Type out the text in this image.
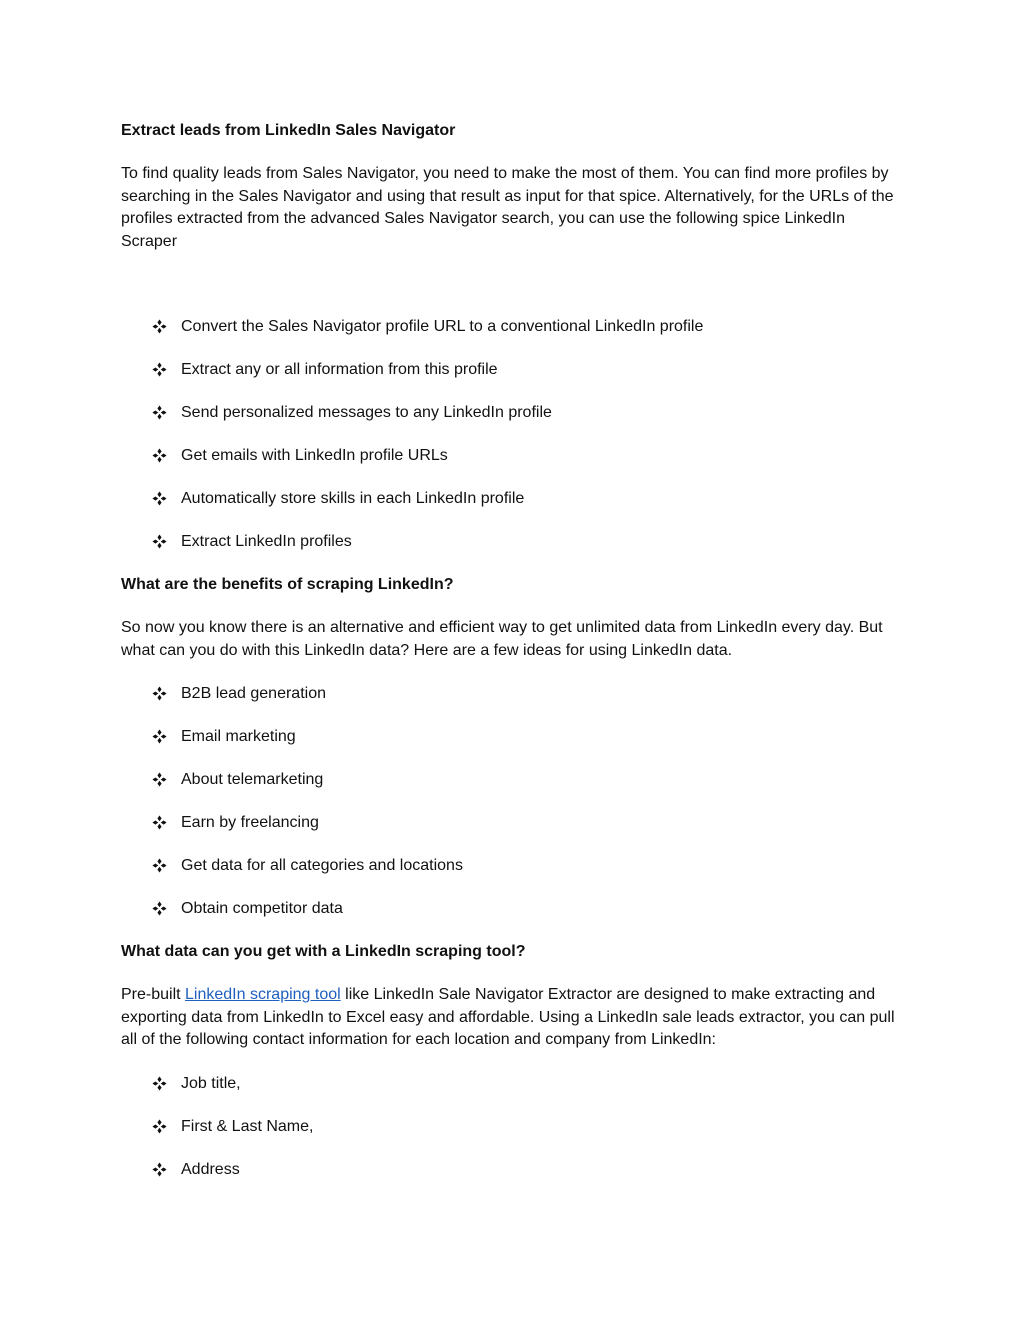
Extract leads from LinkedIn Sales Navigator

To find quality leads from Sales Navigator, you need to make the most of them. You can find more profiles by searching in the Sales Navigator and using that result as input for that spice. Alternatively, for the URLs of the profiles extracted from the advanced Sales Navigator search, you can use the following spice LinkedIn Scraper

Convert the Sales Navigator profile URL to a conventional LinkedIn profile
Extract any or all information from this profile
Send personalized messages to any LinkedIn profile
Get emails with LinkedIn profile URLs
Automatically store skills in each LinkedIn profile
Extract LinkedIn profiles

What are the benefits of scraping LinkedIn?

So now you know there is an alternative and efficient way to get unlimited data from LinkedIn every day. But what can you do with this LinkedIn data? Here are a few ideas for using LinkedIn data.

B2B lead generation
Email marketing
About telemarketing
Earn by freelancing
Get data for all categories and locations
Obtain competitor data

What data can you get with a LinkedIn scraping tool?

Pre-built LinkedIn scraping tool like LinkedIn Sale Navigator Extractor are designed to make extracting and exporting data from LinkedIn to Excel easy and affordable. Using a LinkedIn sale leads extractor, you can pull all of the following contact information for each location and company from LinkedIn:

Job title,
First & Last Name,
Address
